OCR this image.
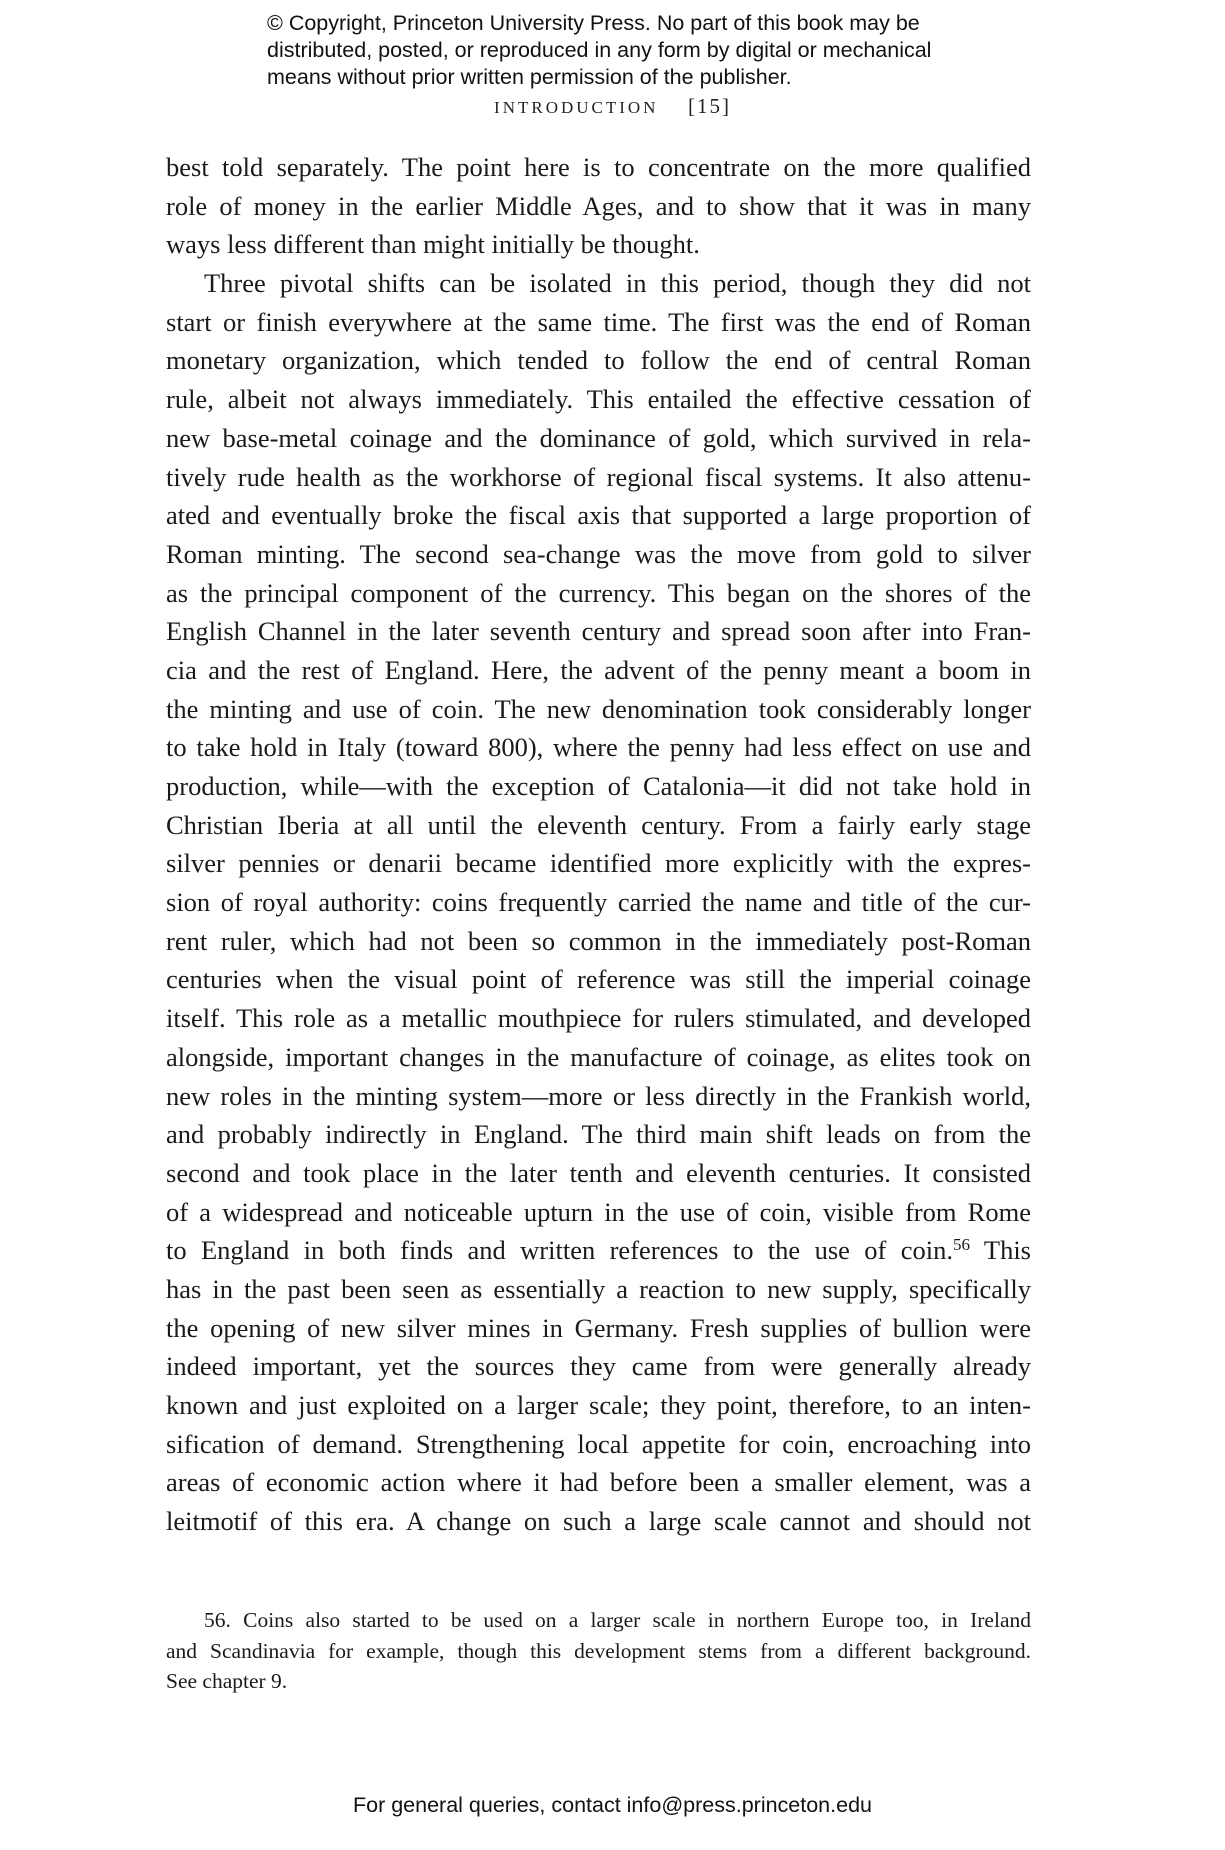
© Copyright, Princeton University Press. No part of this book may be
distributed, posted, or reproduced in any form by digital or mechanical
means without prior written permission of the publisher.
INTRODUCTION [15]
best told separately. The point here is to concentrate on the more qualified
role of money in the earlier Middle Ages, and to show that it was in many
ways less different than might initially be thought.
Three pivotal shifts can be isolated in this period, though they did not
start or finish everywhere at the same time. The first was the end of Roman
monetary organization, which tended to follow the end of central Roman
rule, albeit not always immediately. This entailed the effective cessation of
new base-metal coinage and the dominance of gold, which survived in rela-
tively rude health as the workhorse of regional fiscal systems. It also attenu-
ated and eventually broke the fiscal axis that supported a large proportion of
Roman minting. The second sea-change was the move from gold to silver
as the principal component of the currency. This began on the shores of the
English Channel in the later seventh century and spread soon after into Fran-
cia and the rest of England. Here, the advent of the penny meant a boom in
the minting and use of coin. The new denomination took considerably longer
to take hold in Italy (toward 800), where the penny had less effect on use and
production, while—with the exception of Catalonia—it did not take hold in
Christian Iberia at all until the eleventh century. From a fairly early stage
silver pennies or denarii became identified more explicitly with the expres-
sion of royal authority: coins frequently carried the name and title of the cur-
rent ruler, which had not been so common in the immediately post-Roman
centuries when the visual point of reference was still the imperial coinage
itself. This role as a metallic mouthpiece for rulers stimulated, and developed
alongside, important changes in the manufacture of coinage, as elites took on
new roles in the minting system—more or less directly in the Frankish world,
and probably indirectly in England. The third main shift leads on from the
second and took place in the later tenth and eleventh centuries. It consisted
of a widespread and noticeable upturn in the use of coin, visible from Rome
to England in both finds and written references to the use of coin.$^{56}$ This
has in the past been seen as essentially a reaction to new supply, specifically
the opening of new silver mines in Germany. Fresh supplies of bullion were
indeed important, yet the sources they came from were generally already
known and just exploited on a larger scale; they point, therefore, to an inten-
sification of demand. Strengthening local appetite for coin, encroaching into
areas of economic action where it had before been a smaller element, was a
leitmotif of this era. A change on such a large scale cannot and should not
56. Coins also started to be used on a larger scale in northern Europe too, in Ireland
and Scandinavia for example, though this development stems from a different background.
See chapter 9.
For general queries, contact info@press.princeton.edu
